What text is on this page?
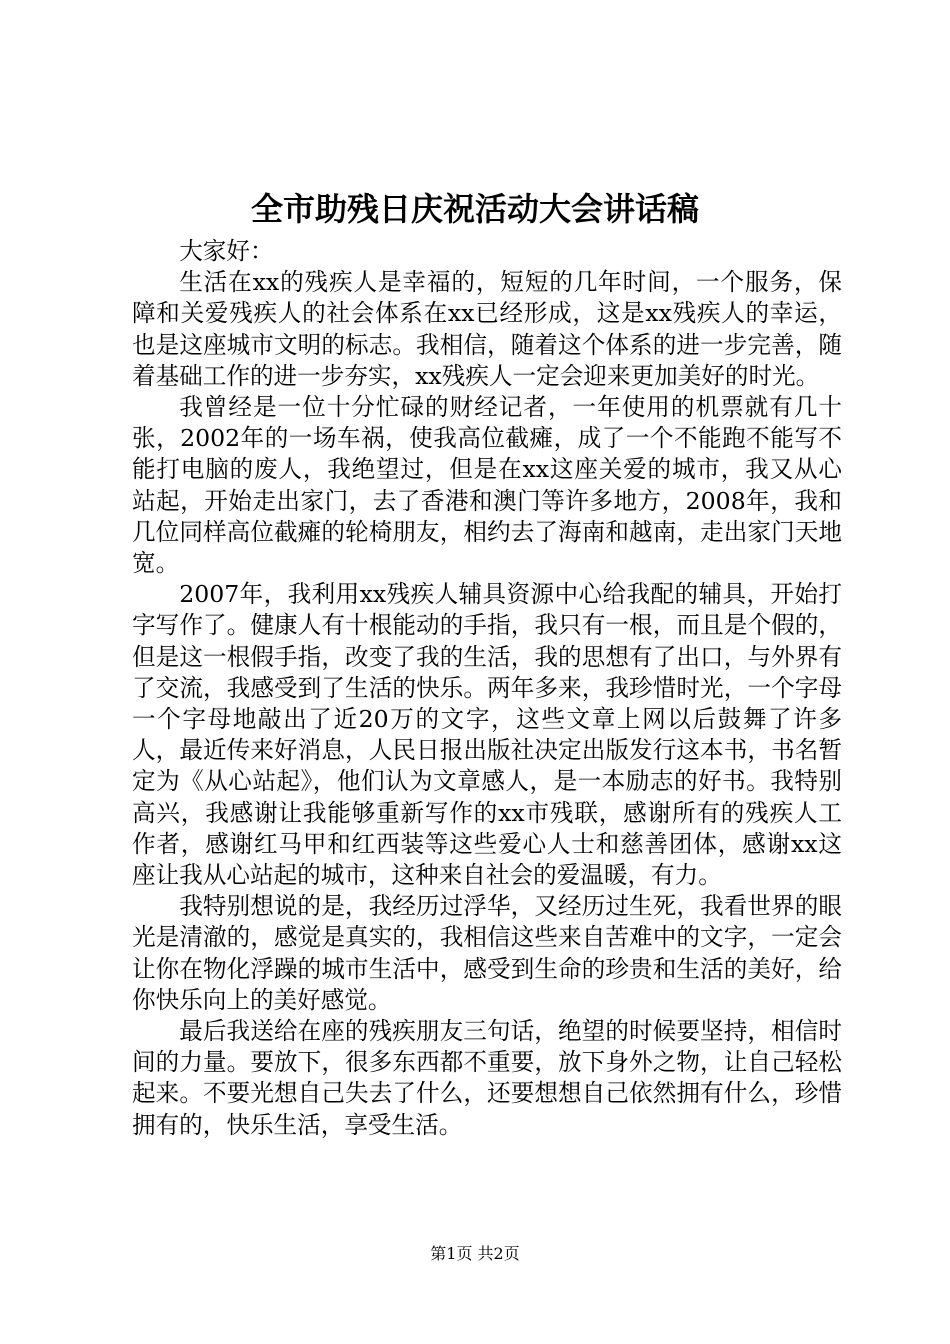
全市助残日庆祝活动大会讲话稿

大家好：

生活在xx的残疾人是幸福的，短短的几年时间，一个服务，保障和关爱残疾人的社会体系在xx已经形成，这是xx残疾人的幸运，也是这座城市文明的标志。我相信，随着这个体系的进一步完善，随着基础工作的进一步夯实，xx残疾人一定会迎来更加美好的时光。

我曾经是一位十分忙碌的财经记者，一年使用的机票就有几十张，2002年的一场车祸，使我高位截瘫，成了一个不能跑不能写不能打电脑的废人，我绝望过，但是在xx这座关爱的城市，我又从心站起，开始走出家门，去了香港和澳门等许多地方，2008年，我和几位同样高位截瘫的轮椅朋友，相约去了海南和越南，走出家门天地宽。

2007年，我利用xx残疾人辅具资源中心给我配的辅具，开始打字写作了。健康人有十根能动的手指，我只有一根，而且是个假的，但是这一根假手指，改变了我的生活，我的思想有了出口，与外界有了交流，我感受到了生活的快乐。两年多来，我珍惜时光，一个字母一个字母地敲出了近20万的文字，这些文章上网以后鼓舞了许多人，最近传来好消息，人民日报出版社决定出版发行这本书，书名暂定为《从心站起》，他们认为文章感人，是一本励志的好书。我特别高兴，我感谢让我能够重新写作的xx市残联，感谢所有的残疾人工作者，感谢红马甲和红西装等这些爱心人士和慈善团体，感谢xx这座让我从心站起的城市，这种来自社会的爱温暖，有力。

我特别想说的是，我经历过浮华，又经历过生死，我看世界的眼光是清澈的，感觉是真实的，我相信这些来自苦难中的文字，一定会让你在物化浮躁的城市生活中，感受到生命的珍贵和生活的美好，给你快乐向上的美好感觉。

最后我送给在座的残疾朋友三句话，绝望的时候要坚持，相信时间的力量。要放下，很多东西都不重要，放下身外之物，让自己轻松起来。不要光想自己失去了什么，还要想想自己依然拥有什么，珍惜拥有的，快乐生活，享受生活。

第1页 共2页
